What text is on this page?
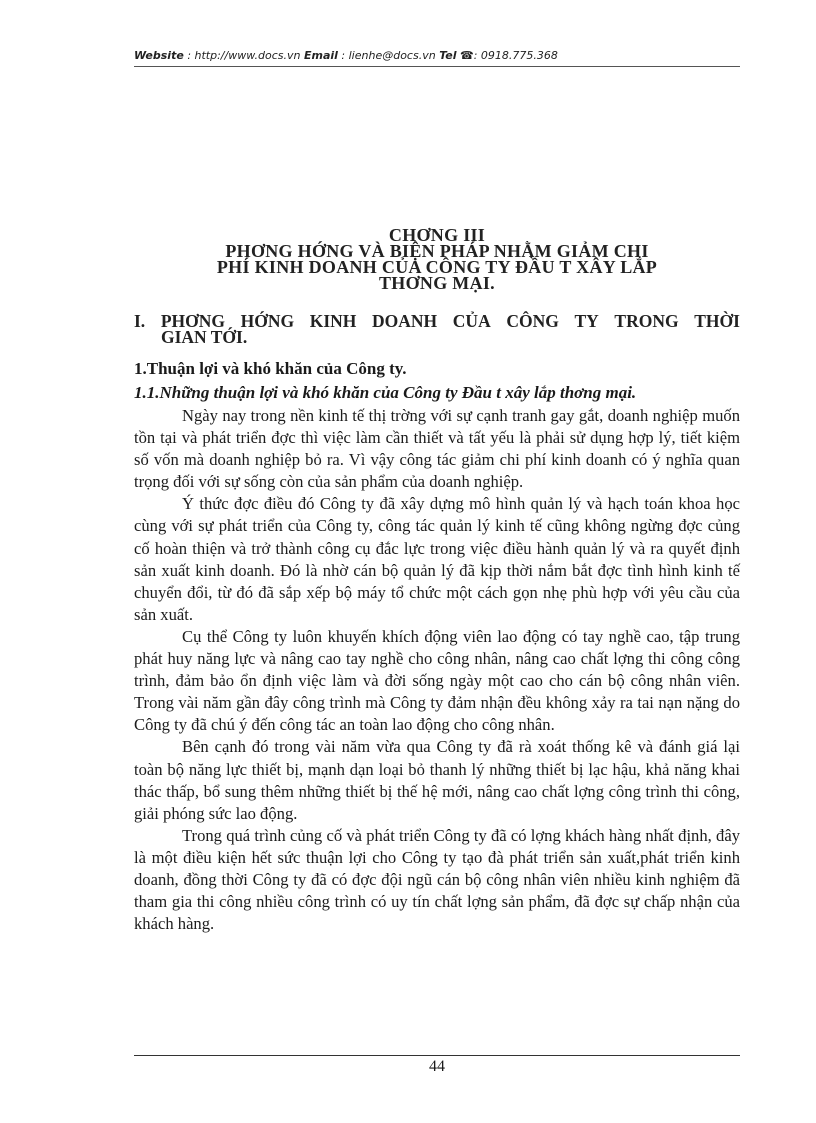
Website : http://www.docs.vn Email : lienhe@docs.vn Tel ☎: 0918.775.368
CHƠNG III
PHƠNG HỚNG VÀ BIỆN PHÁP NHẰM GIẢM CHI
PHÍ KINH DOANH CỦA CÔNG TY ĐẦU T XÂY LẮP
THƠNG MẠI.
I. PHƠNG HỚNG KINH DOANH CỦA CÔNG TY TRONG THỜI
GIAN TỚI.
1.Thuận lợi và khó khăn của Công ty.
1.1.Những thuận lợi và khó khăn của Công ty Đầu t xây lắp thơng mại.

Ngày nay trong nền kinh tế thị trờng với sự cạnh tranh gay gắt, doanh nghiệp muốn tồn tại và phát triển đợc thì việc làm cần thiết và tất yếu là phải sử dụng hợp lý, tiết kiệm số vốn mà doanh nghiệp bỏ ra. Vì vậy công tác giảm chi phí kinh doanh có ý nghĩa quan trọng đối với sự sống còn của sản phẩm của doanh nghiệp.

Ý thức đợc điều đó Công ty đã xây dựng mô hình quản lý và hạch toán khoa học cùng với sự phát triển của Công ty, công tác quản lý kinh tế cũng không ngừng đợc củng cố hoàn thiện và trở thành công cụ đắc lực trong việc điều hành quản lý và ra quyết định sản xuất kinh doanh. Đó là nhờ cán bộ quản lý đã kịp thời nắm bắt đợc tình hình kinh tế chuyển đổi, từ đó đã sắp xếp bộ máy tổ chức một cách gọn nhẹ phù hợp với yêu cầu của sản xuất.

Cụ thể Công ty luôn khuyến khích động viên lao động có tay nghề cao, tập trung phát huy năng lực và nâng cao tay nghề cho công nhân, nâng cao chất lợng thi công công trình, đảm bảo ổn định việc làm và đời sống ngày một cao cho cán bộ công nhân viên. Trong vài năm gần đây công trình mà Công ty đảm nhận đều không xảy ra tai nạn nặng do Công ty đã chú ý đến công tác an toàn lao động cho công nhân.

Bên cạnh đó trong vài năm vừa qua Công ty đã rà xoát thống kê và đánh giá lại toàn bộ năng lực thiết bị, mạnh dạn loại bỏ thanh lý những thiết bị lạc hậu, khả năng khai thác thấp, bổ sung thêm những thiết bị thế hệ mới, nâng cao chất lợng công trình thi công, giải phóng sức lao động.

Trong quá trình củng cố và phát triển Công ty đã có lợng khách hàng nhất định, đây là một điều kiện hết sức thuận lợi cho Công ty tạo đà phát triển sản xuất,phát triển kinh doanh, đồng thời Công ty đã có đợc đội ngũ cán bộ công nhân viên nhiều kinh nghiệm đã tham gia thi công nhiều công trình có uy tín chất lợng sản phẩm, đã đợc sự chấp nhận của khách hàng.

44
